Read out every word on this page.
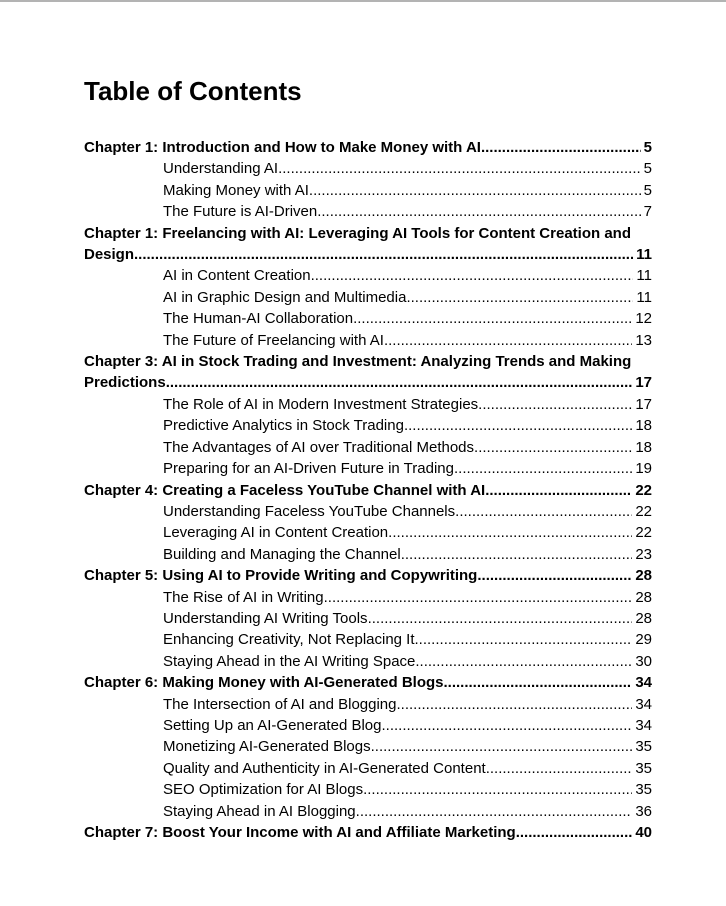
Table of Contents
Chapter 1: Introduction and How to Make Money with AI .....	5
Understanding AI .....	5
Making Money with AI .....	5
The Future is AI-Driven .....	7
Chapter 1: Freelancing with AI: Leveraging AI Tools for Content Creation and
Design .....	11
AI in Content Creation .....	11
AI in Graphic Design and Multimedia .....	11
The Human-AI Collaboration .....	12
The Future of Freelancing with AI .....	13
Chapter 3: AI in Stock Trading and Investment: Analyzing Trends and Making
Predictions .....	17
The Role of AI in Modern Investment Strategies .....	17
Predictive Analytics in Stock Trading .....	18
The Advantages of AI over Traditional Methods .....	18
Preparing for an AI-Driven Future in Trading .....	19
Chapter 4: Creating a Faceless YouTube Channel with AI .....	22
Understanding Faceless YouTube Channels .....	22
Leveraging AI in Content Creation .....	22
Building and Managing the Channel .....	23
Chapter 5: Using AI to Provide Writing and Copywriting .....	28
The Rise of AI in Writing .....	28
Understanding AI Writing Tools .....	28
Enhancing Creativity, Not Replacing It .....	29
Staying Ahead in the AI Writing Space .....	30
Chapter 6: Making Money with AI-Generated Blogs .....	34
The Intersection of AI and Blogging .....	34
Setting Up an AI-Generated Blog .....	34
Monetizing AI-Generated Blogs .....	35
Quality and Authenticity in AI-Generated Content .....	35
SEO Optimization for AI Blogs .....	35
Staying Ahead in AI Blogging .....	36
Chapter 7: Boost Your Income with AI and Affiliate Marketing .....	40
